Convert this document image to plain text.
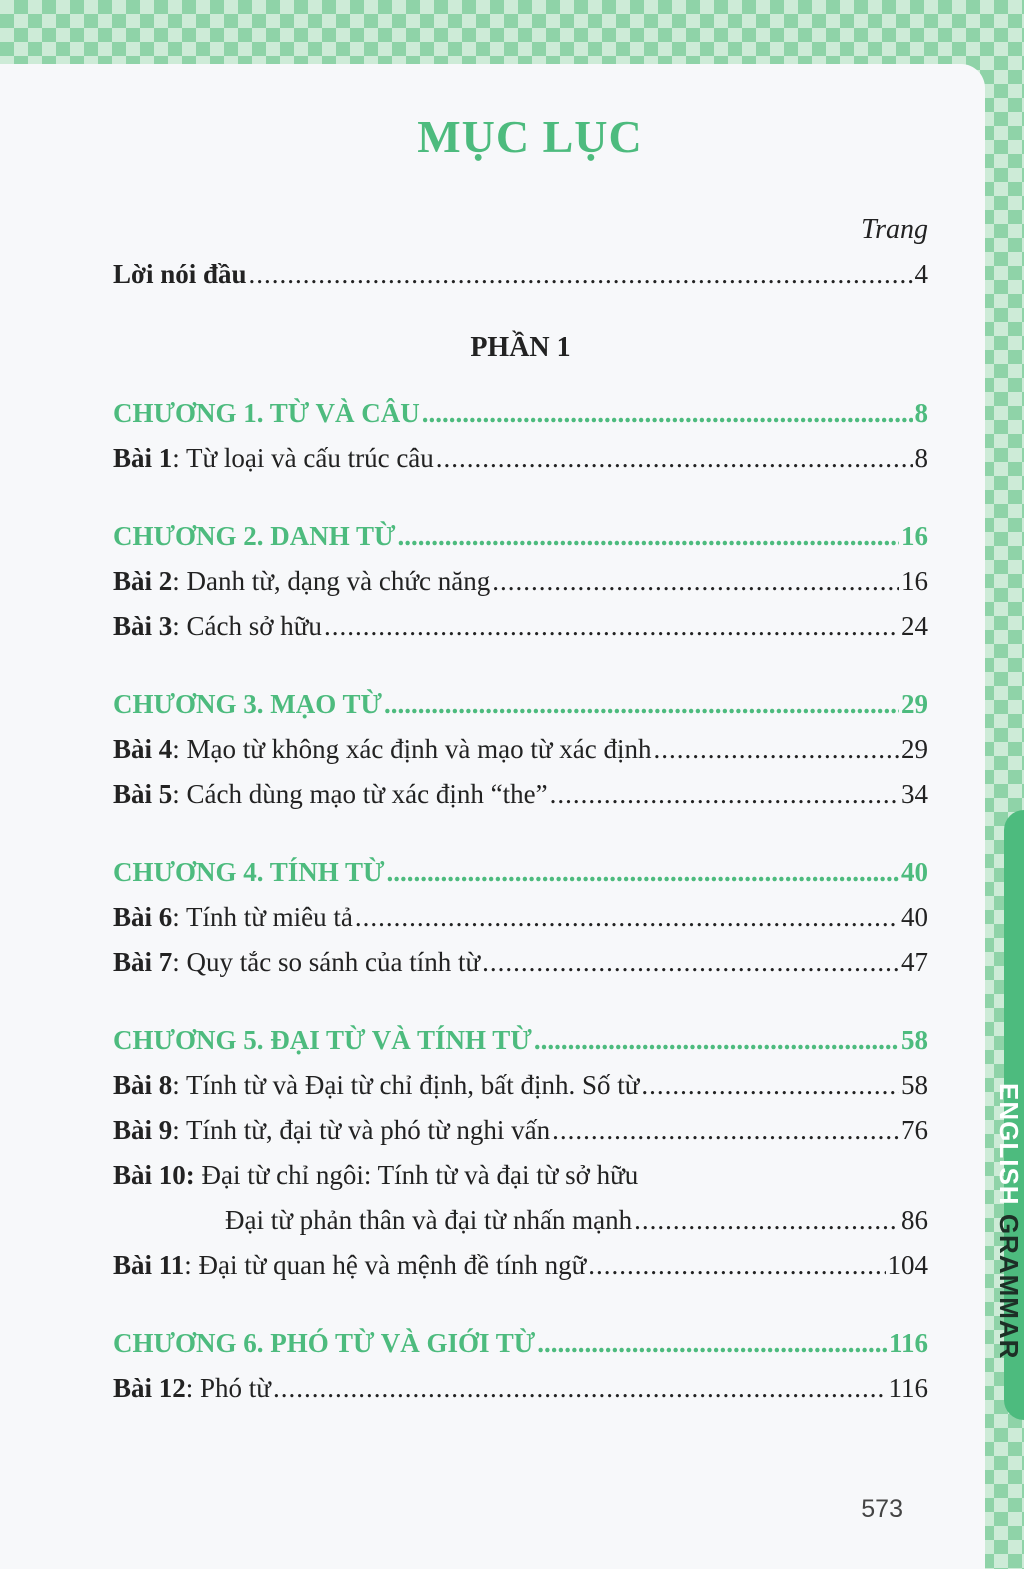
MỤC LỤC
Trang
Lời nói đầu .....	4
PHẦN 1
CHƯƠNG 1. TỪ VÀ CÂU .....	8
Bài 1: Từ loại và cấu trúc câu .....	8
CHƯƠNG 2. DANH TỪ .....	16
Bài 2: Danh từ, dạng và chức năng .....	16
Bài 3: Cách sở hữu .....	24
CHƯƠNG 3. MẠO TỪ .....	29
Bài 4: Mạo từ không xác định và mạo từ xác định .....	29
Bài 5: Cách dùng mạo từ xác định “the” .....	34
CHƯƠNG 4. TÍNH TỪ .....	40
Bài 6: Tính từ miêu tả .....	40
Bài 7: Quy tắc so sánh của tính từ .....	47
CHƯƠNG 5. ĐẠI TỪ VÀ TÍNH TỪ .....	58
Bài 8: Tính từ và Đại từ chỉ định, bất định. Số từ .....	58
Bài 9: Tính từ, đại từ và phó từ nghi vấn .....	76
Bài 10: Đại từ chỉ ngôi: Tính từ và đại từ sở hữu
Đại từ phản thân và đại từ nhấn mạnh .....	86
Bài 11: Đại từ quan hệ và mệnh đề tính ngữ .....	104
CHƯƠNG 6. PHÓ TỪ VÀ GIỚI TỪ .....	116
Bài 12: Phó từ .....	116
573
ENGLISH GRAMMAR
